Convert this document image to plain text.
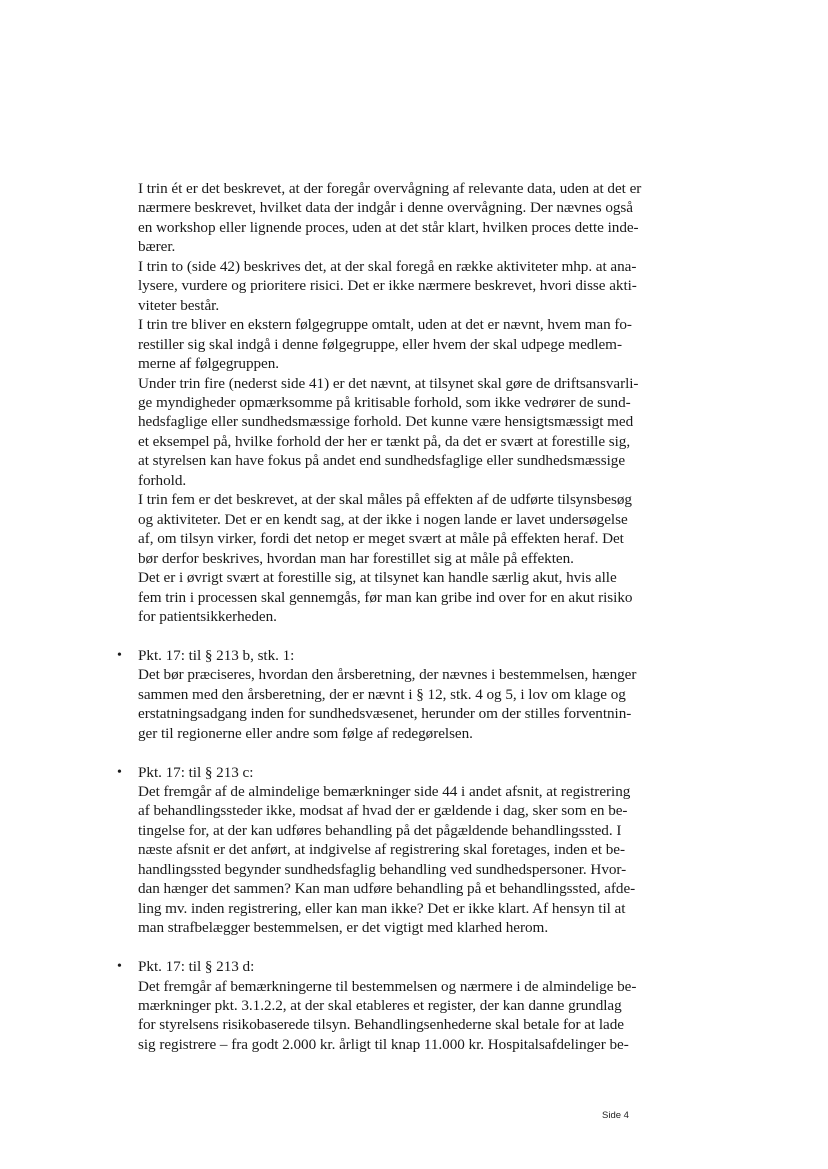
I trin ét er det beskrevet, at der foregår overvågning af relevante data, uden at det er
nærmere beskrevet, hvilket data der indgår i denne overvågning. Der nævnes også
en workshop eller lignende proces, uden at det står klart, hvilken proces dette inde-
bærer.
I trin to (side 42) beskrives det, at der skal foregå en række aktiviteter mhp. at ana-
lysere, vurdere og prioritere risici. Det er ikke nærmere beskrevet, hvori disse akti-
viteter består.
I trin tre bliver en ekstern følgegruppe omtalt, uden at det er nævnt, hvem man fo-
restiller sig skal indgå i denne følgegruppe, eller hvem der skal udpege medlem-
merne af følgegruppen.
Under trin fire (nederst side 41) er det nævnt, at tilsynet skal gøre de driftsansvarli-
ge myndigheder opmærksomme på kritisable forhold, som ikke vedrører de sund-
hedsfaglige eller sundhedsmæssige forhold. Det kunne være hensigtsmæssigt med
et eksempel på, hvilke forhold der her er tænkt på, da det er svært at forestille sig,
at styrelsen kan have fokus på andet end sundhedsfaglige eller sundhedsmæssige
forhold.
I trin fem er det beskrevet, at der skal måles på effekten af de udførte tilsynsbesøg
og aktiviteter. Det er en kendt sag, at der ikke i nogen lande er lavet undersøgelse
af, om tilsyn virker, fordi det netop er meget svært at måle på effekten heraf. Det
bør derfor beskrives, hvordan man har forestillet sig at måle på effekten.
Det er i øvrigt svært at forestille sig, at tilsynet kan handle særlig akut, hvis alle
fem trin i processen skal gennemgås, før man kan gribe ind over for en akut risiko
for patientsikkerheden.
• Pkt. 17: til § 213 b, stk. 1:
Det bør præciseres, hvordan den årsberetning, der nævnes i bestemmelsen, hænger
sammen med den årsberetning, der er nævnt i § 12, stk. 4 og 5, i lov om klage og
erstatningsadgang inden for sundhedsvæsenet, herunder om der stilles forventnin-
ger til regionerne eller andre som følge af redegørelsen.
• Pkt. 17: til § 213 c:
Det fremgår af de almindelige bemærkninger side 44 i andet afsnit, at registrering
af behandlingssteder ikke, modsat af hvad der er gældende i dag, sker som en be-
tingelse for, at der kan udføres behandling på det pågældende behandlingssted. I
næste afsnit er det anført, at indgivelse af registrering skal foretages, inden et be-
handlingssted begynder sundhedsfaglig behandling ved sundhedspersoner. Hvor-
dan hænger det sammen? Kan man udføre behandling på et behandlingssted, afde-
ling mv. inden registrering, eller kan man ikke? Det er ikke klart. Af hensyn til at
man strafbelægger bestemmelsen, er det vigtigt med klarhed herom.
• Pkt. 17: til § 213 d:
Det fremgår af bemærkningerne til bestemmelsen og nærmere i de almindelige be-
mærkninger pkt. 3.1.2.2, at der skal etableres et register, der kan danne grundlag
for styrelsens risikobaserede tilsyn. Behandlingsenhederne skal betale for at lade
sig registrere – fra godt 2.000 kr. årligt til knap 11.000 kr. Hospitalsafdelinger be-
Side 4
